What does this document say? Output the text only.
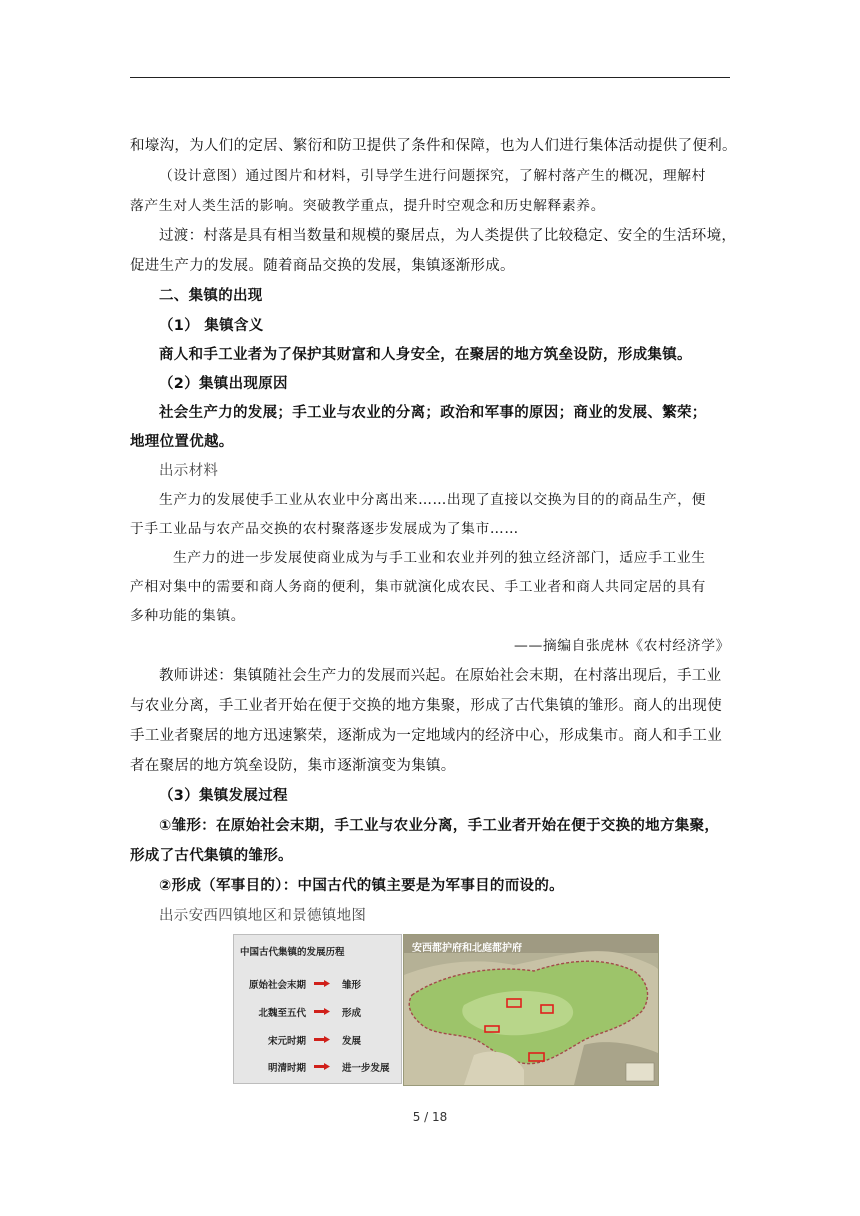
和壕沟，为人们的定居、繁衍和防卫提供了条件和保障，也为人们进行集体活动提供了便利。
（设计意图）通过图片和材料，引导学生进行问题探究，了解村落产生的概况，理解村
落产生对人类生活的影响。突破教学重点，提升时空观念和历史解释素养。
过渡：村落是具有相当数量和规模的聚居点，为人类提供了比较稳定、安全的生活环境，
促进生产力的发展。随着商品交换的发展，集镇逐渐形成。
二、集镇的出现
（1） 集镇含义
商人和手工业者为了保护其财富和人身安全，在聚居的地方筑垒设防，形成集镇。
（2）集镇出现原因
社会生产力的发展；手工业与农业的分离；政治和军事的原因；商业的发展、繁荣；
地理位置优越。
出示材料
生产力的发展使手工业从农业中分离出来……出现了直接以交换为目的的商品生产，便
于手工业品与农产品交换的农村聚落逐步发展成为了集市……
生产力的进一步发展使商业成为与手工业和农业并列的独立经济部门，适应手工业生
产相对集中的需要和商人务商的便利，集市就演化成农民、手工业者和商人共同定居的具有
多种功能的集镇。
——摘编自张虎林《农村经济学》
教师讲述：集镇随社会生产力的发展而兴起。在原始社会末期，在村落出现后，手工业
与农业分离，手工业者开始在便于交换的地方集聚，形成了古代集镇的雏形。商人的出现使
手工业者聚居的地方迅速繁荣，逐渐成为一定地域内的经济中心，形成集市。商人和手工业
者在聚居的地方筑垒设防，集市逐渐演变为集镇。
（3）集镇发展过程
①雏形：在原始社会末期，手工业与农业分离，手工业者开始在便于交换的地方集聚，
形成了古代集镇的雏形。
②形成（军事目的）：中国古代的镇主要是为军事目的而设的。
出示安西四镇地区和景德镇地图
中国古代集镇的发展历程
原始社会末期	雏形
北魏至五代	形成
宋元时期	发展
明清时期	进一步发展
安西都护府和北庭都护府
5 / 18
